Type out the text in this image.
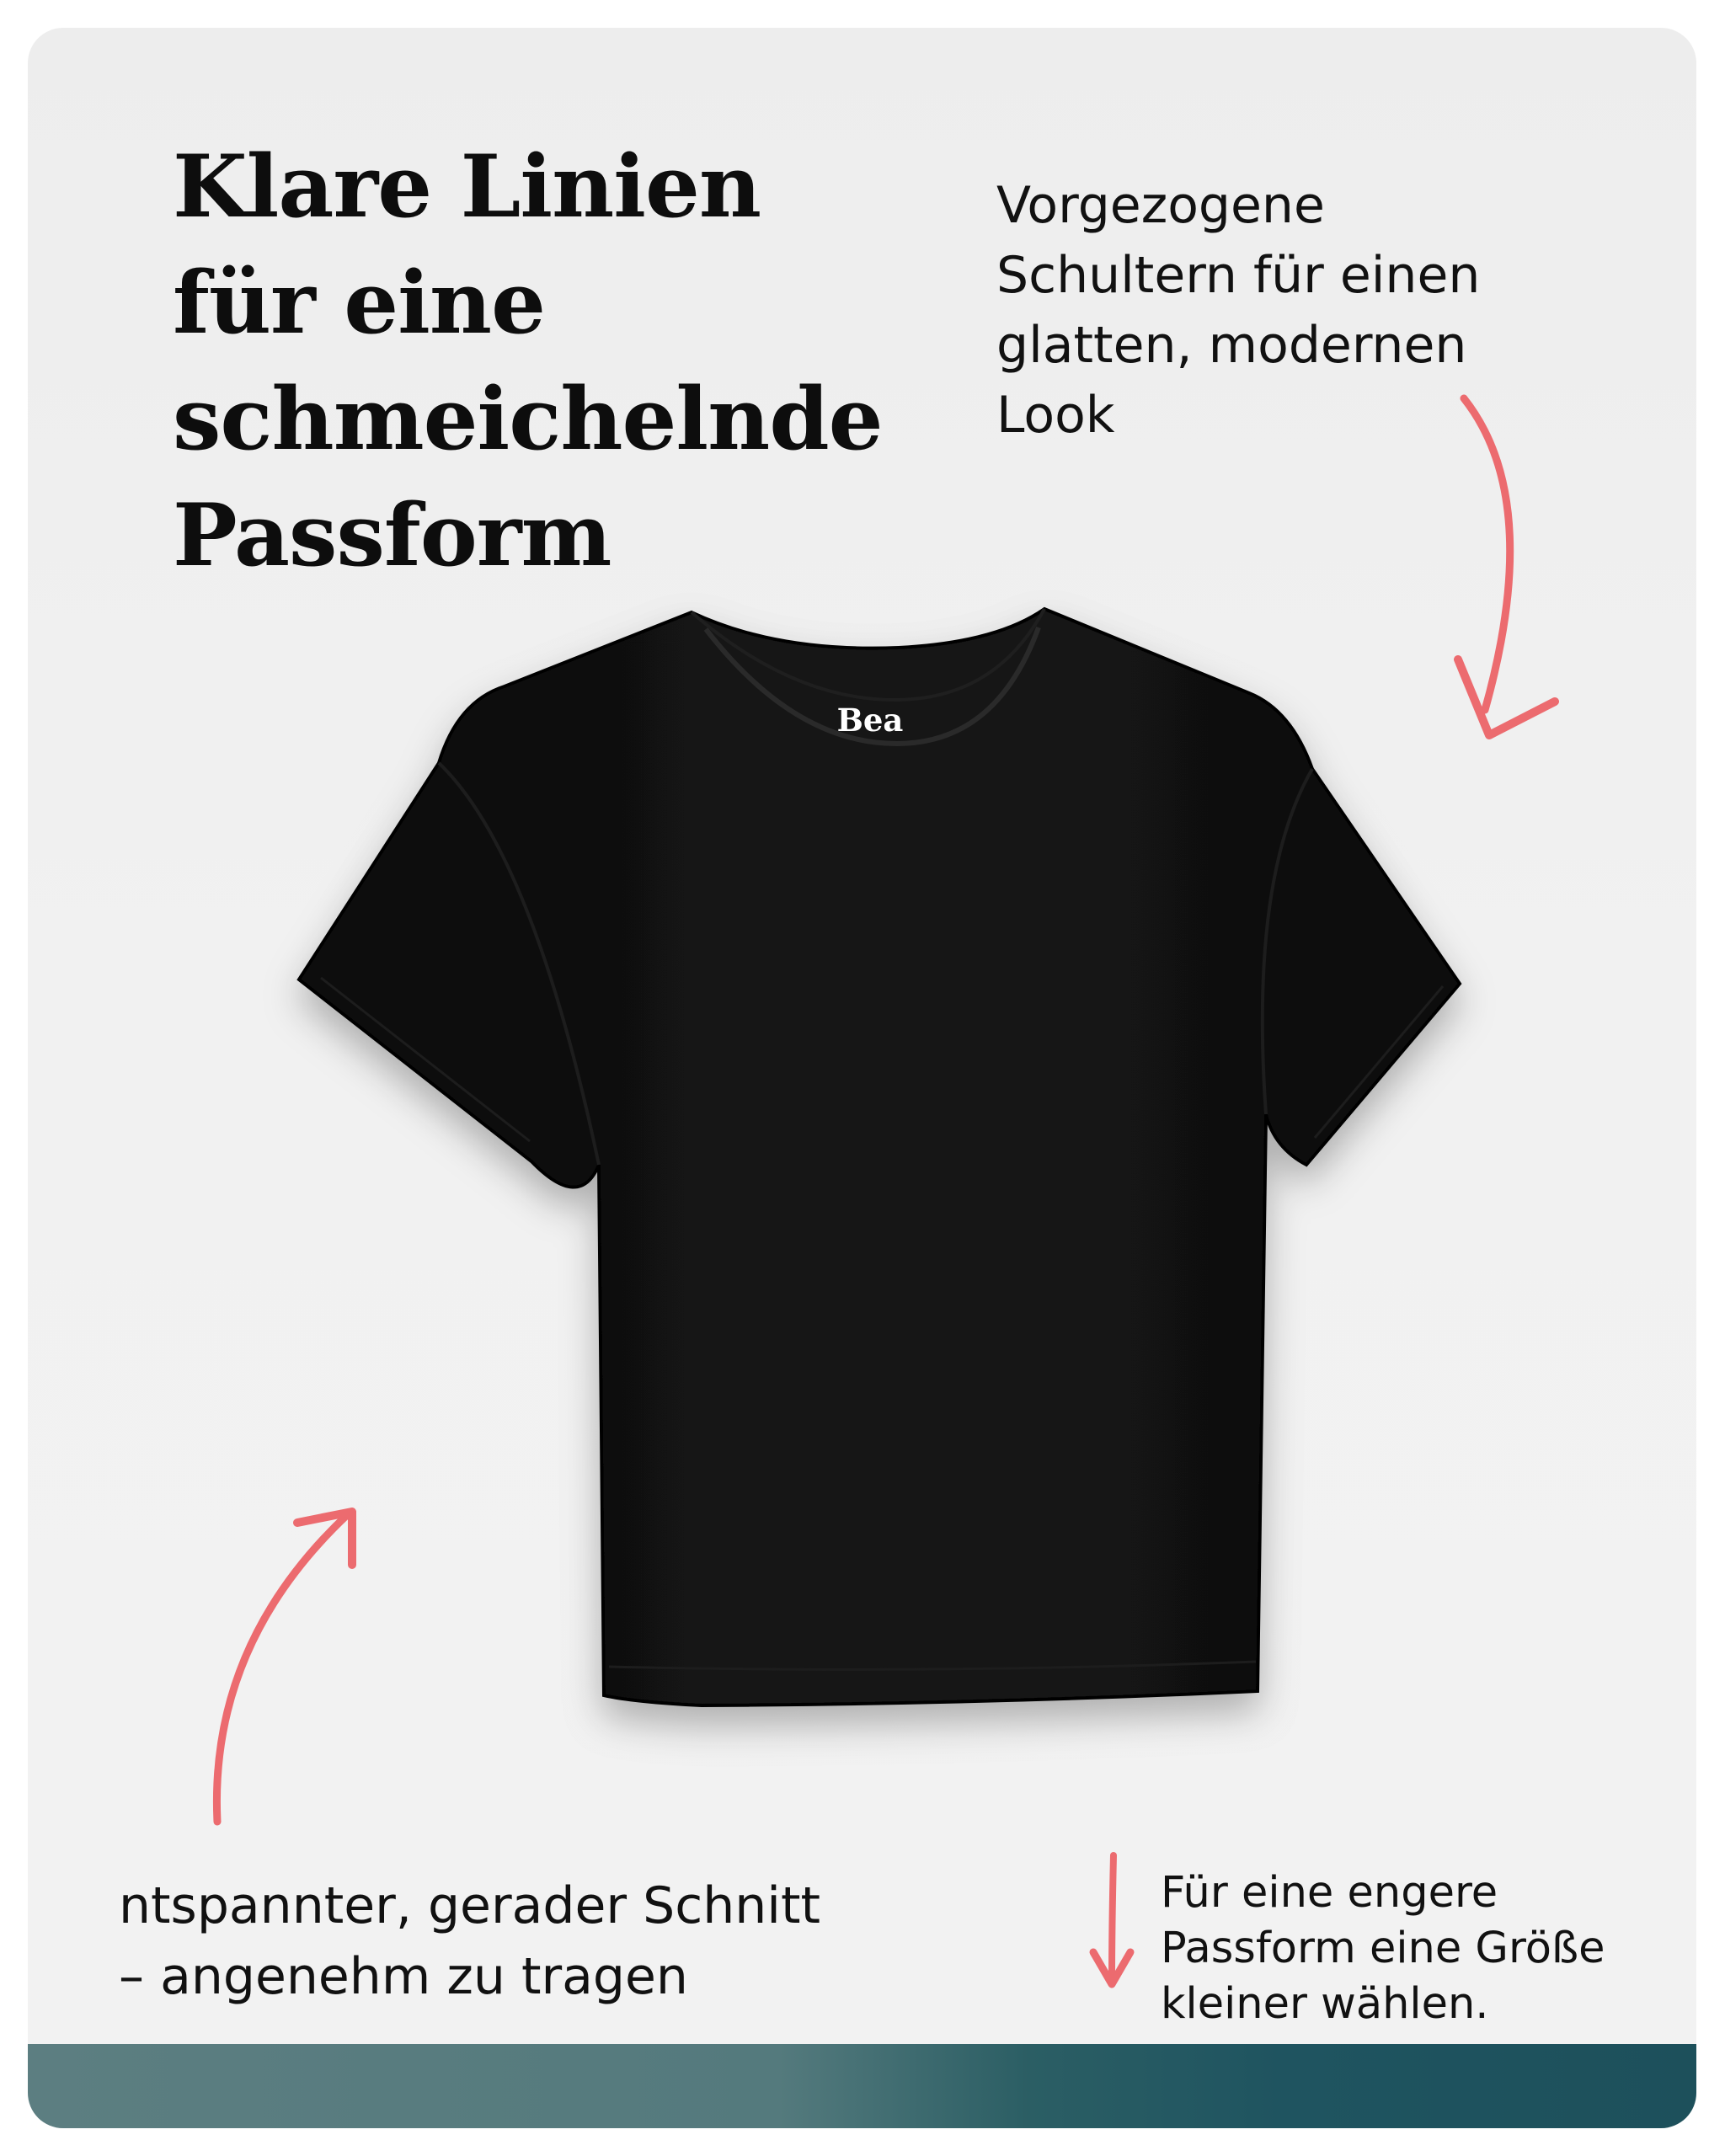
Klare Linien
für eine
schmeichelnde
Passform

Vorgezogene
Schultern für einen
glatten, modernen
Look

Bea

ntspannter, gerader Schnitt
– angenehm zu tragen

Für eine engere
Passform eine Größe
kleiner wählen.
